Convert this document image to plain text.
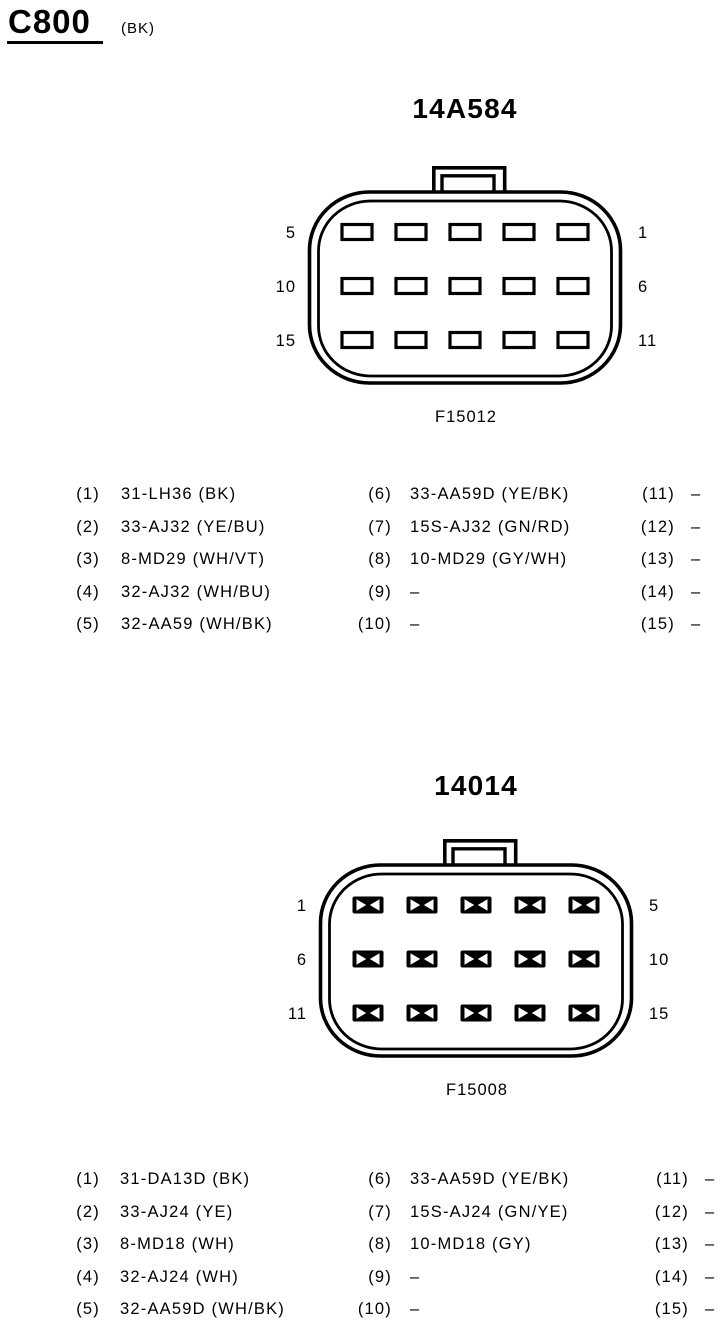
C800	(BK)
14A584
5
10
15
1
6
11
F15012
(1) 31-LH36 (BK)
(2) 33-AJ32 (YE/BU)
(3) 8-MD29 (WH/VT)
(4) 32-AJ32 (WH/BU)
(5) 32-AA59 (WH/BK)
(6) 33-AA59D (YE/BK)
(7) 15S-AJ32 (GN/RD)
(8) 10-MD29 (GY/WH)
(9) –
(10) –
(11) –
(12) –
(13) –
(14) –
(15) –
14014
1
6
11
5
10
15
F15008
(1) 31-DA13D (BK)
(2) 33-AJ24 (YE)
(3) 8-MD18 (WH)
(4) 32-AJ24 (WH)
(5) 32-AA59D (WH/BK)
(6) 33-AA59D (YE/BK)
(7) 15S-AJ24 (GN/YE)
(8) 10-MD18 (GY)
(9) –
(10) –
(11) –
(12) –
(13) –
(14) –
(15) –
